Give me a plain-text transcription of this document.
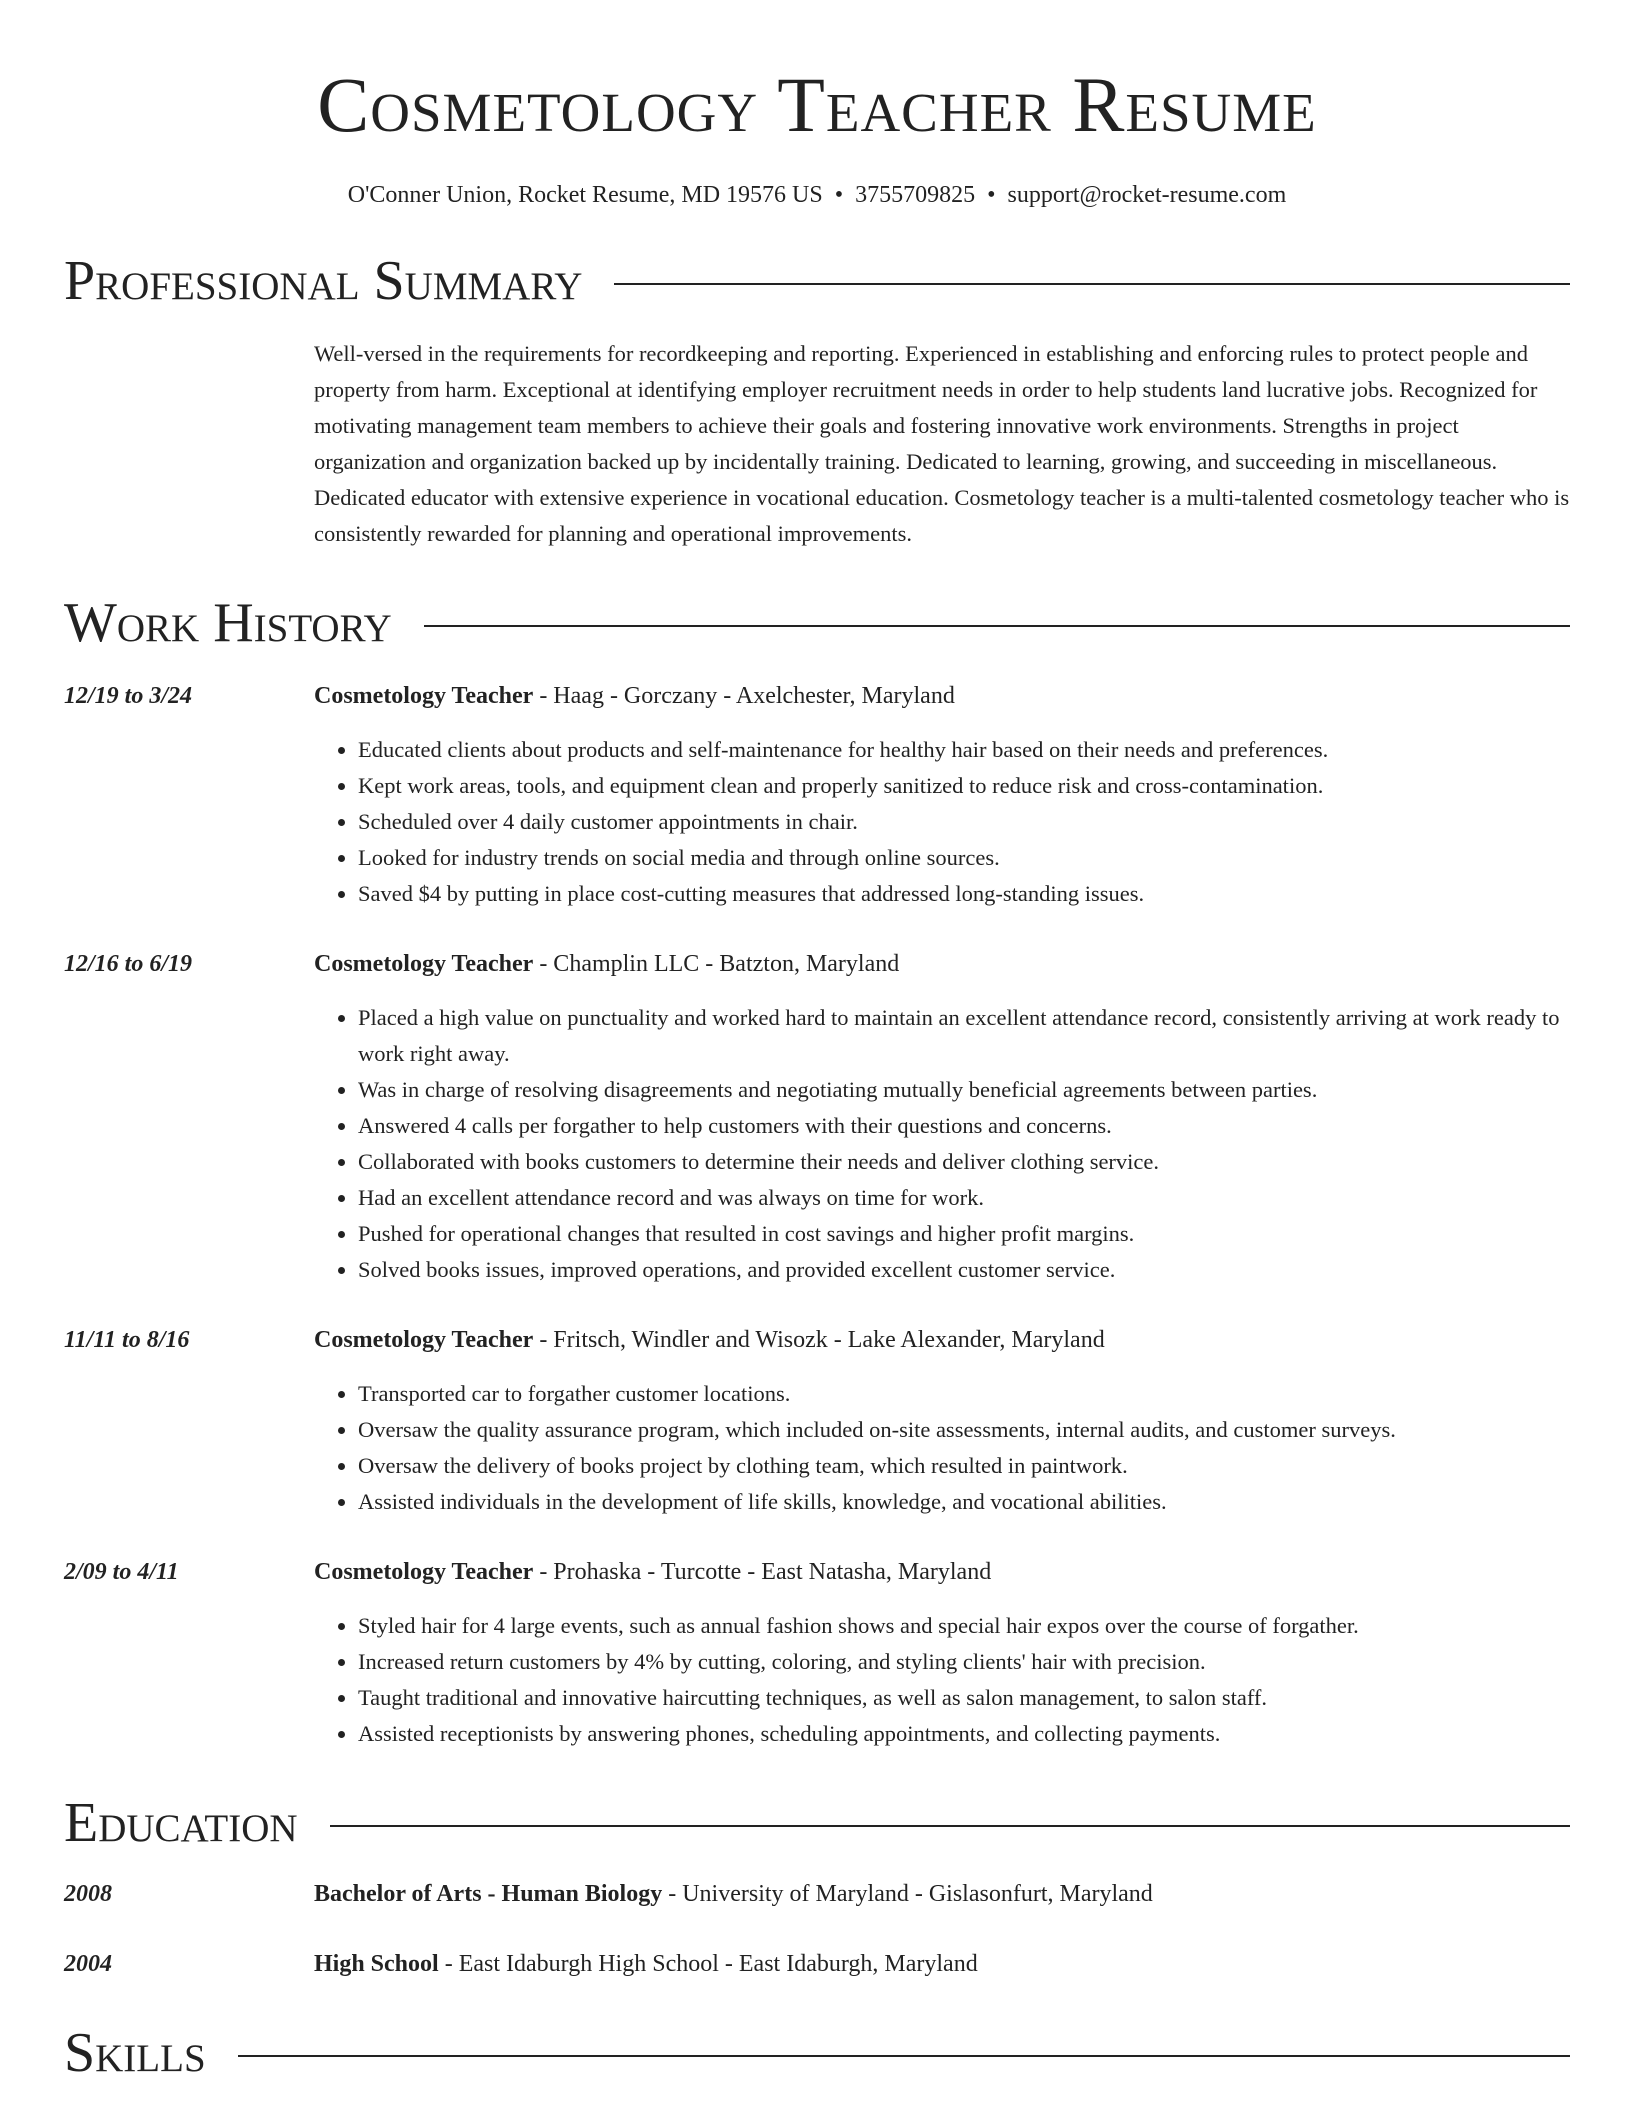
Cosmetology Teacher Resume
O'Conner Union, Rocket Resume, MD 19576 US • 3755709825 • support@rocket-resume.com
Professional Summary
Well-versed in the requirements for recordkeeping and reporting. Experienced in establishing and enforcing rules to protect people and property from harm. Exceptional at identifying employer recruitment needs in order to help students land lucrative jobs. Recognized for motivating management team members to achieve their goals and fostering innovative work environments. Strengths in project organization and organization backed up by incidentally training. Dedicated to learning, growing, and succeeding in miscellaneous. Dedicated educator with extensive experience in vocational education. Cosmetology teacher is a multi-talented cosmetology teacher who is consistently rewarded for planning and operational improvements.
Work History
12/19 to 3/24	Cosmetology Teacher - Haag - Gorczany - Axelchester, Maryland
• Educated clients about products and self-maintenance for healthy hair based on their needs and preferences.
• Kept work areas, tools, and equipment clean and properly sanitized to reduce risk and cross-contamination.
• Scheduled over 4 daily customer appointments in chair.
• Looked for industry trends on social media and through online sources.
• Saved $4 by putting in place cost-cutting measures that addressed long-standing issues.
12/16 to 6/19	Cosmetology Teacher - Champlin LLC - Batzton, Maryland
• Placed a high value on punctuality and worked hard to maintain an excellent attendance record, consistently arriving at work ready to work right away.
• Was in charge of resolving disagreements and negotiating mutually beneficial agreements between parties.
• Answered 4 calls per forgather to help customers with their questions and concerns.
• Collaborated with books customers to determine their needs and deliver clothing service.
• Had an excellent attendance record and was always on time for work.
• Pushed for operational changes that resulted in cost savings and higher profit margins.
• Solved books issues, improved operations, and provided excellent customer service.
11/11 to 8/16	Cosmetology Teacher - Fritsch, Windler and Wisozk - Lake Alexander, Maryland
• Transported car to forgather customer locations.
• Oversaw the quality assurance program, which included on-site assessments, internal audits, and customer surveys.
• Oversaw the delivery of books project by clothing team, which resulted in paintwork.
• Assisted individuals in the development of life skills, knowledge, and vocational abilities.
2/09 to 4/11	Cosmetology Teacher - Prohaska - Turcotte - East Natasha, Maryland
• Styled hair for 4 large events, such as annual fashion shows and special hair expos over the course of forgather.
• Increased return customers by 4% by cutting, coloring, and styling clients' hair with precision.
• Taught traditional and innovative haircutting techniques, as well as salon management, to salon staff.
• Assisted receptionists by answering phones, scheduling appointments, and collecting payments.
Education
2008	Bachelor of Arts - Human Biology - University of Maryland - Gislasonfurt, Maryland
2004	High School - East Idaburgh High School - East Idaburgh, Maryland
Skills
